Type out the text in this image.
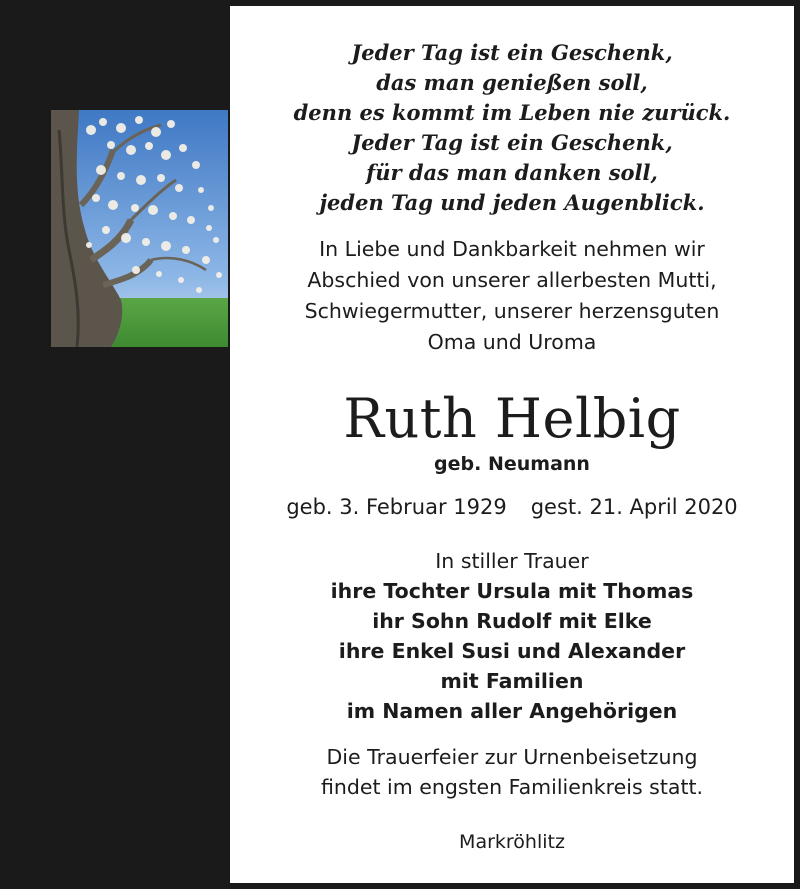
Jeder Tag ist ein Geschenk,
das man genießen soll,
denn es kommt im Leben nie zurück.
Jeder Tag ist ein Geschenk,
für das man danken soll,
jeden Tag und jeden Augenblick.
In Liebe und Dankbarkeit nehmen wir
Abschied von unserer allerbesten Mutti,
Schwiegermutter, unserer herzensguten
Oma und Uroma
Ruth Helbig
geb. Neumann
geb. 3. Februar 1929 gest. 21. April 2020
In stiller Trauer
ihre Tochter Ursula mit Thomas
ihr Sohn Rudolf mit Elke
ihre Enkel Susi und Alexander
mit Familien
im Namen aller Angehörigen
Die Trauerfeier zur Urnenbeisetzung
findet im engsten Familienkreis statt.
Markröhlitz
